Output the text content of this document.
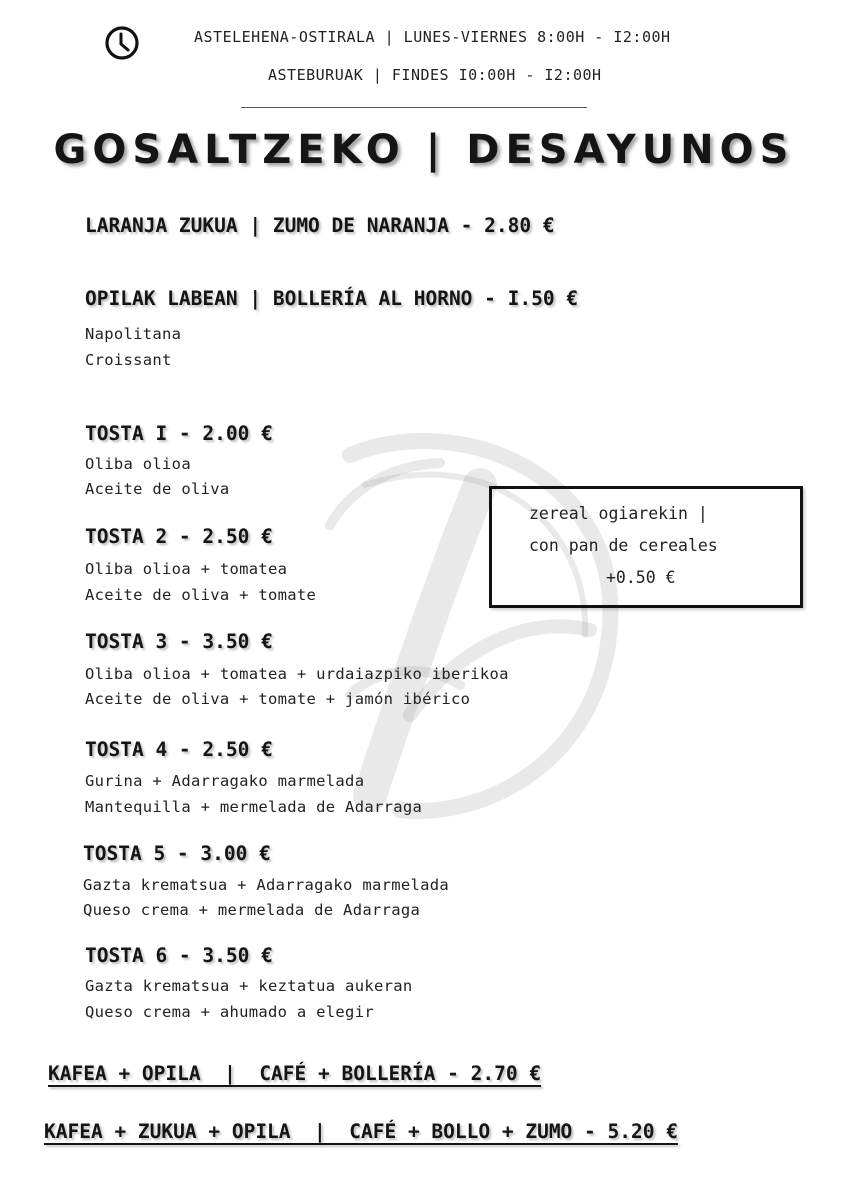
ASTELEHENA-OSTIRALA | LUNES-VIERNES 8:00H - I2:00H
ASTEBURUAK | FINDES I0:00H - I2:00H
GOSALTZEKO | DESAYUNOS
LARANJA ZUKUA | ZUMO DE NARANJA - 2.80 €
OPILAK LABEAN | BOLLERÍA AL HORNO - I.50 €
Napolitana
Croissant
TOSTA I - 2.00 €
Oliba olioa
Aceite de oliva
TOSTA 2 - 2.50 €
Oliba olioa + tomatea
Aceite de oliva + tomate
TOSTA 3 - 3.50 €
Oliba olioa + tomatea + urdaiazpiko iberikoa
Aceite de oliva + tomate + jamón ibérico
TOSTA 4 - 2.50 €
Gurina + Adarragako marmelada
Mantequilla + mermelada de Adarraga
TOSTA 5 - 3.00 €
Gazta krematsua + Adarragako marmelada
Queso crema + mermelada de Adarraga
TOSTA 6 - 3.50 €
Gazta krematsua + keztatua aukeran
Queso crema + ahumado a elegir
zereal ogiarekin |
con pan de cereales
+0.50 €
KAFEA + OPILA  |  CAFÉ + BOLLERÍA - 2.70 €
KAFEA + ZUKUA + OPILA  |  CAFÉ + BOLLO + ZUMO - 5.20 €
